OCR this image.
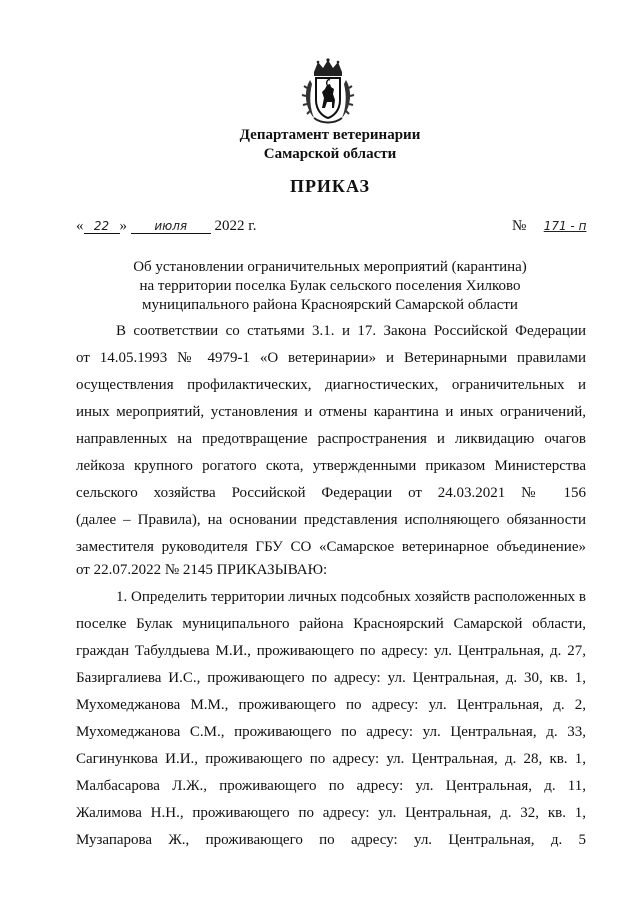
Департамент ветеринарии
Самарской области
ПРИКАЗ
« 22 » июля 2022 г.	№ 171 - п
Об установлении ограничительных мероприятий (карантина)
на территории поселка Булак сельского поселения Хилково
муниципального района Красноярский Самарской области
В соответствии со статьями 3.1. и 17. Закона Российской Федерации
от 14.05.1993 № 4979-1 «О ветеринарии» и Ветеринарными правилами
осуществления профилактических, диагностических, ограничительных и
иных мероприятий, установления и отмены карантина и иных ограничений,
направленных на предотвращение распространения и ликвидацию очагов
лейкоза крупного рогатого скота, утвержденными приказом Министерства
сельского хозяйства Российской Федерации от 24.03.2021 № 156
(далее – Правила), на основании представления исполняющего обязанности
заместителя руководителя ГБУ СО «Самарское ветеринарное объединение»
от 22.07.2022 № 2145 ПРИКАЗЫВАЮ:
1. Определить территории личных подсобных хозяйств расположенных в
поселке Булак муниципального района Красноярский Самарской области,
граждан Табулдыева М.И., проживающего по адресу: ул. Центральная, д. 27,
Базиргалиева И.С., проживающего по адресу: ул. Центральная, д. 30, кв. 1,
Мухомеджанова М.М., проживающего по адресу: ул. Центральная, д. 2,
Мухомеджанова С.М., проживающего по адресу: ул. Центральная, д. 33,
Сагинункова И.И., проживающего по адресу: ул. Центральная, д. 28, кв. 1,
Малбасарова Л.Ж., проживающего по адресу: ул. Центральная, д. 11,
Жалимова Н.Н., проживающего по адресу: ул. Центральная, д. 32, кв. 1,
Музапарова Ж., проживающего по адресу: ул. Центральная, д. 5
